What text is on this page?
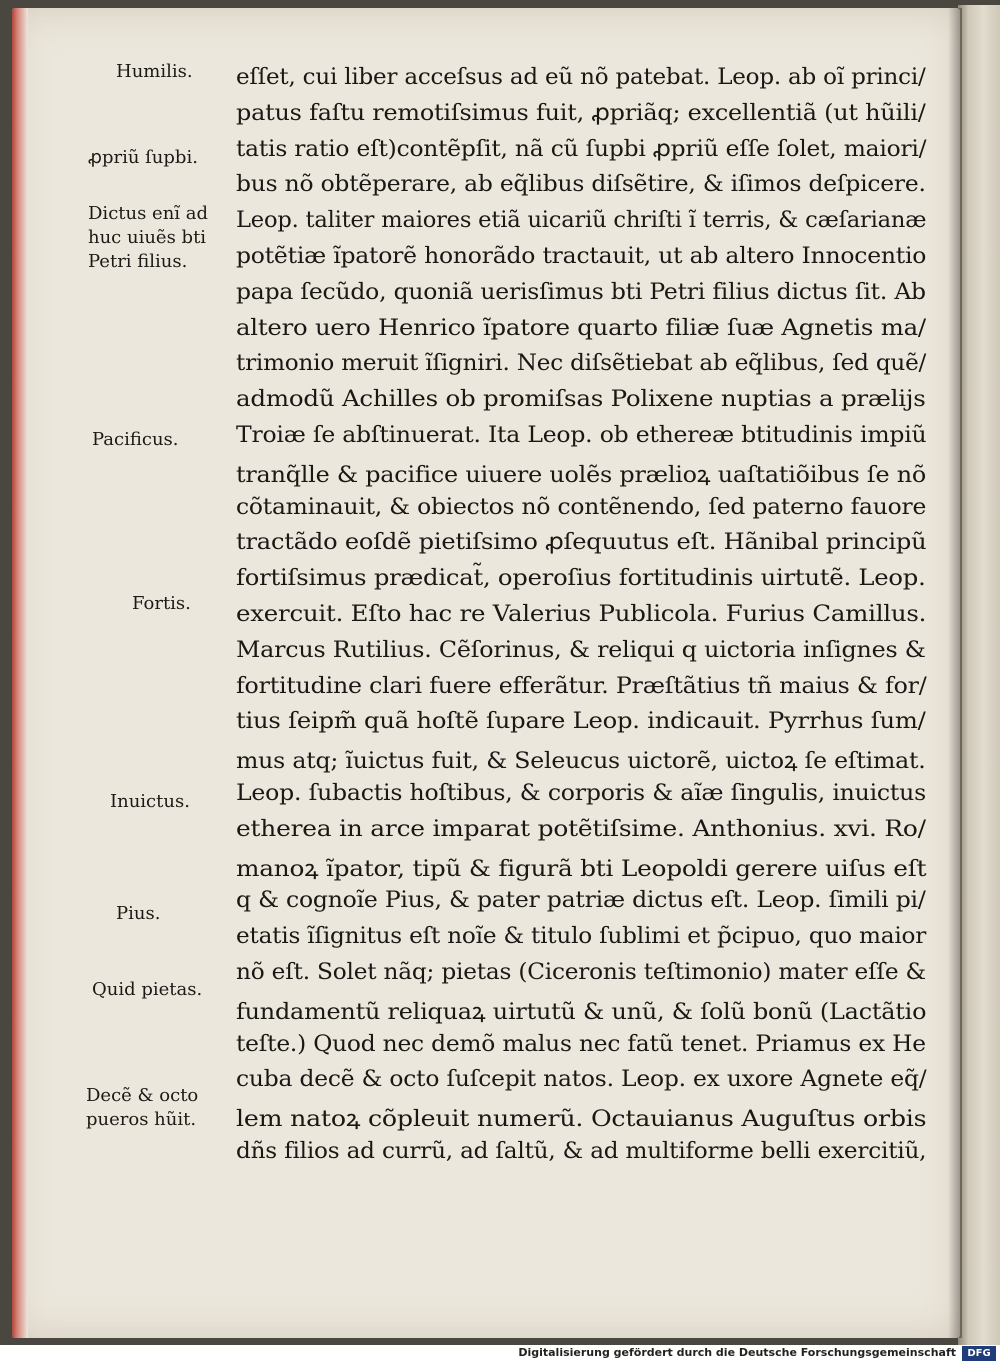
Humilis.
ꝓpriũ ſupbi.
Dictus enĩ ad
huc uiuẽs bti
Petri filius.
Pacificus.
Fortis.
Inuictus.
Pius.
Quid pietas.
Decẽ & octo
pueros hũit.
eſſet, cui liber acceſsus ad eũ nõ patebat. Leop. ab oĩ princi/
patus faſtu remotiſsimus fuit, ꝓpriãq; excellentiã (ut hũili/
tatis ratio eſt)contẽpſit, nã cũ ſupbi ꝓpriũ eſſe ſolet, maiori/
bus nõ obtẽperare, ab eq̃libus diſsẽtire, & iſimos deſpicere.
Leop. taliter maiores etiã uicariũ chriſti ĩ terris, & cæſarianæ
potẽtiæ ĩpatorẽ honorãdo tractauit, ut ab altero Innocentio
papa ſecũdo, quoniã uerisſimus bti Petri filius dictus ſit. Ab
altero uero Henrico ĩpatore quarto filiæ ſuæ Agnetis ma/
trimonio meruit ĩſigniri. Nec diſsẽtiebat ab eq̃libus, ſed quẽ/
admodũ Achilles ob promiſsas Polixene nuptias a prælijs
Troiæ ſe abſtinuerat. Ita Leop. ob ethereæ btitudinis impiũ
tranq̃lle & pacifice uiuere uolẽs prælioꝝ uaſtatiõibus ſe nõ
cõtaminauit, & obiectos nõ contẽnendo, ſed paterno fauore
tractãdo eoſdẽ pietiſsimo ꝓſequutus eſt. Hãnibal principũ
fortiſsimus prædicat̃, operoſius fortitudinis uirtutẽ. Leop.
exercuit. Eſto hac re Valerius Publicola. Furius Camillus.
Marcus Rutilius. Cẽſorinus, & reliqui q uictoria inſignes &
fortitudine clari fuere efferãtur. Præſtãtius tñ maius & for/
tius ſeipm̃ quã hoſtẽ ſupare Leop. indicauit. Pyrrhus ſum/
mus atq; ĩuictus fuit, & Seleucus uictorẽ, uictoꝝ ſe eſtimat.
Leop. ſubactis hoſtibus, & corporis & aĩæ ſingulis, inuictus
etherea in arce imparat potẽtiſsime. Anthonius. xvi. Ro/
manoꝝ ĩpator, tipũ & figurã bti Leopoldi gerere uiſus eſt
q & cognoĩe Pius, & pater patriæ dictus eſt. Leop. ſimili pi/
etatis ĩſignitus eſt noĩe & titulo ſublimi et p̃cipuo, quo maior
nõ eſt. Solet nãq; pietas (Ciceronis teſtimonio) mater eſſe &
fundamentũ reliquaꝝ uirtutũ & unũ, & ſolũ bonũ (Lactãtio
teſte.) Quod nec demõ malus nec fatũ tenet. Priamus ex He
cuba decẽ & octo ſuſcepit natos. Leop. ex uxore Agnete eq̃/
lem natoꝝ cõpleuit numerũ. Octauianus Auguſtus orbis
dñs filios ad currũ, ad ſaltũ, & ad multiforme belli exercitiũ,
Digitalisierung gefördert durch die Deutsche Forschungsgemeinschaft	DFG
